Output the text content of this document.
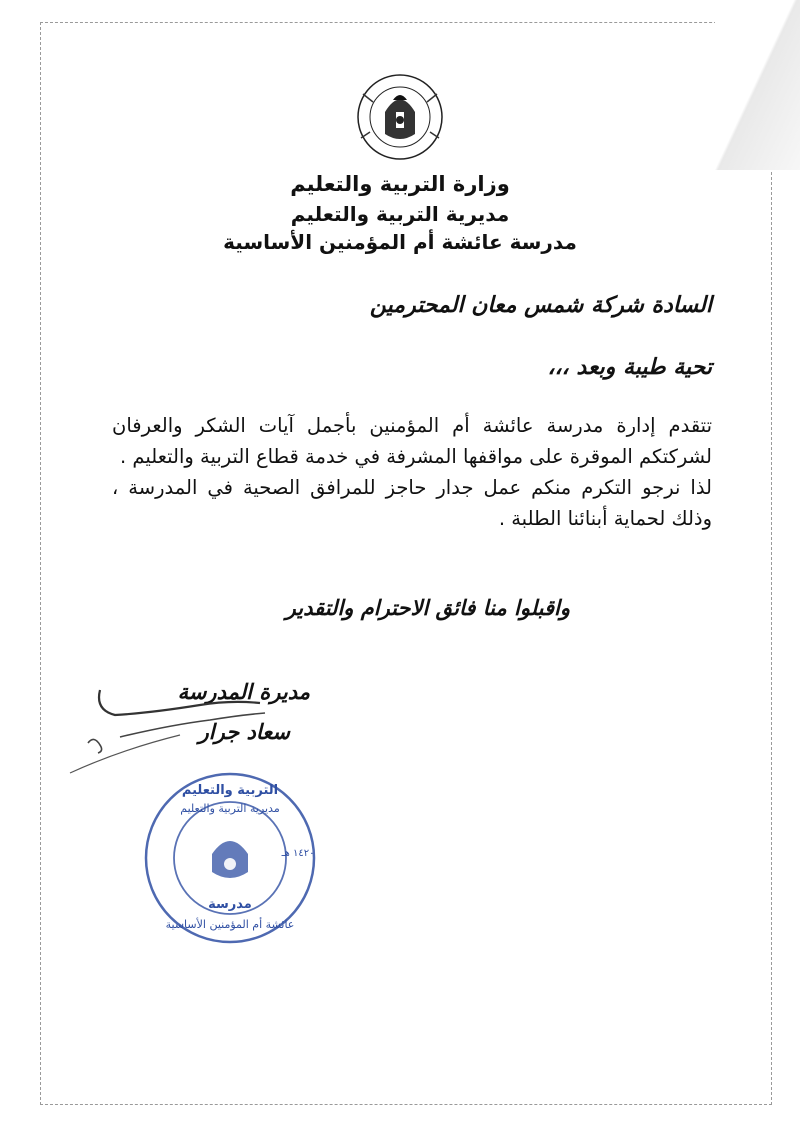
وزارة التربية والتعليم

مديرية التربية والتعليم

مدرسة عائشة أم المؤمنين الأساسية

السادة شركة شمس معان المحترمين

تحية طيبة وبعد ،،،

تتقدم إدارة مدرسة عائشة أم المؤمنين بأجمل آيات الشكر والعرفان لشركتكم الموقرة على مواقفها المشرفة في خدمة قطاع التربية والتعليم .

لذا نرجو التكرم منكم عمل جدار حاجز للمرافق الصحية في المدرسة ، وذلك لحماية أبنائنا الطلبة .

واقبلوا منا فائق الاحترام والتقدير

مديرة المدرسة

سعاد جرار

التربية والتعليم
مديرية التربية والتعليم
١٤٢٠ هـ
مدرسة
عائشة أم المؤمنين الأساسية
